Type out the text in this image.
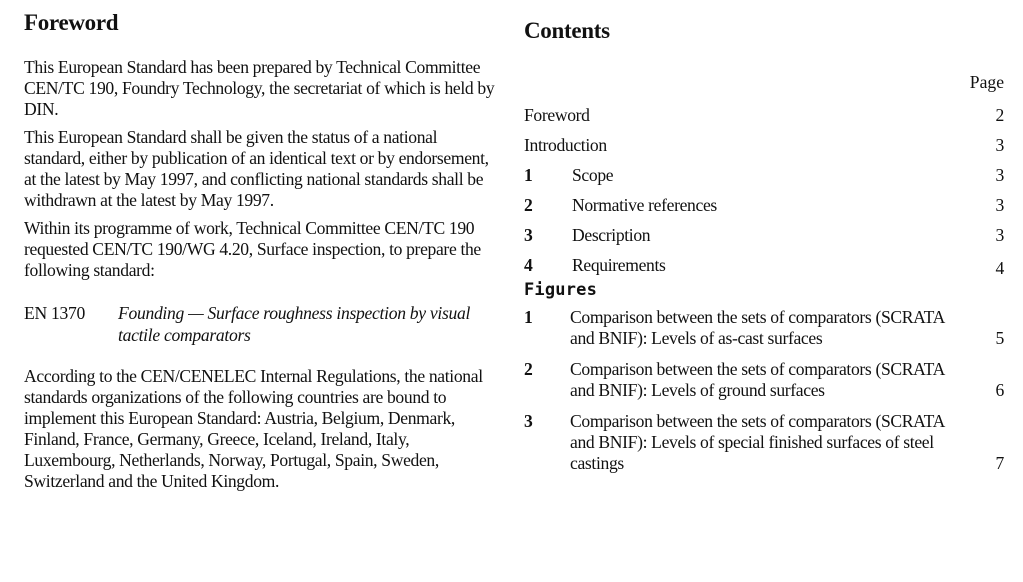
Foreword

This European Standard has been prepared by Technical Committee CEN/TC 190, Foundry Technology, the secretariat of which is held by DIN.

This European Standard shall be given the status of a national standard, either by publication of an identical text or by endorsement, at the latest by May 1997, and conflicting national standards shall be withdrawn at the latest by May 1997.

Within its programme of work, Technical Committee CEN/TC 190 requested CEN/TC 190/WG 4.20, Surface inspection, to prepare the following standard:

EN 1370	Founding — Surface roughness inspection by visual tactile comparators

According to the CEN/CENELEC Internal Regulations, the national standards organizations of the following countries are bound to implement this European Standard: Austria, Belgium, Denmark, Finland, France, Germany, Greece, Iceland, Ireland, Italy, Luxembourg, Netherlands, Norway, Portugal, Spain, Sweden, Switzerland and the United Kingdom.

Contents
Page
Foreword	2
Introduction	3
1	Scope	3
2	Normative references	3
3	Description	3
4	Requirements	4
Figures
1	Comparison between the sets of comparators (SCRATA and BNIF): Levels of as-cast surfaces	5
2	Comparison between the sets of comparators (SCRATA and BNIF): Levels of ground surfaces	6
3	Comparison between the sets of comparators (SCRATA and BNIF): Levels of special finished surfaces of steel castings	7
